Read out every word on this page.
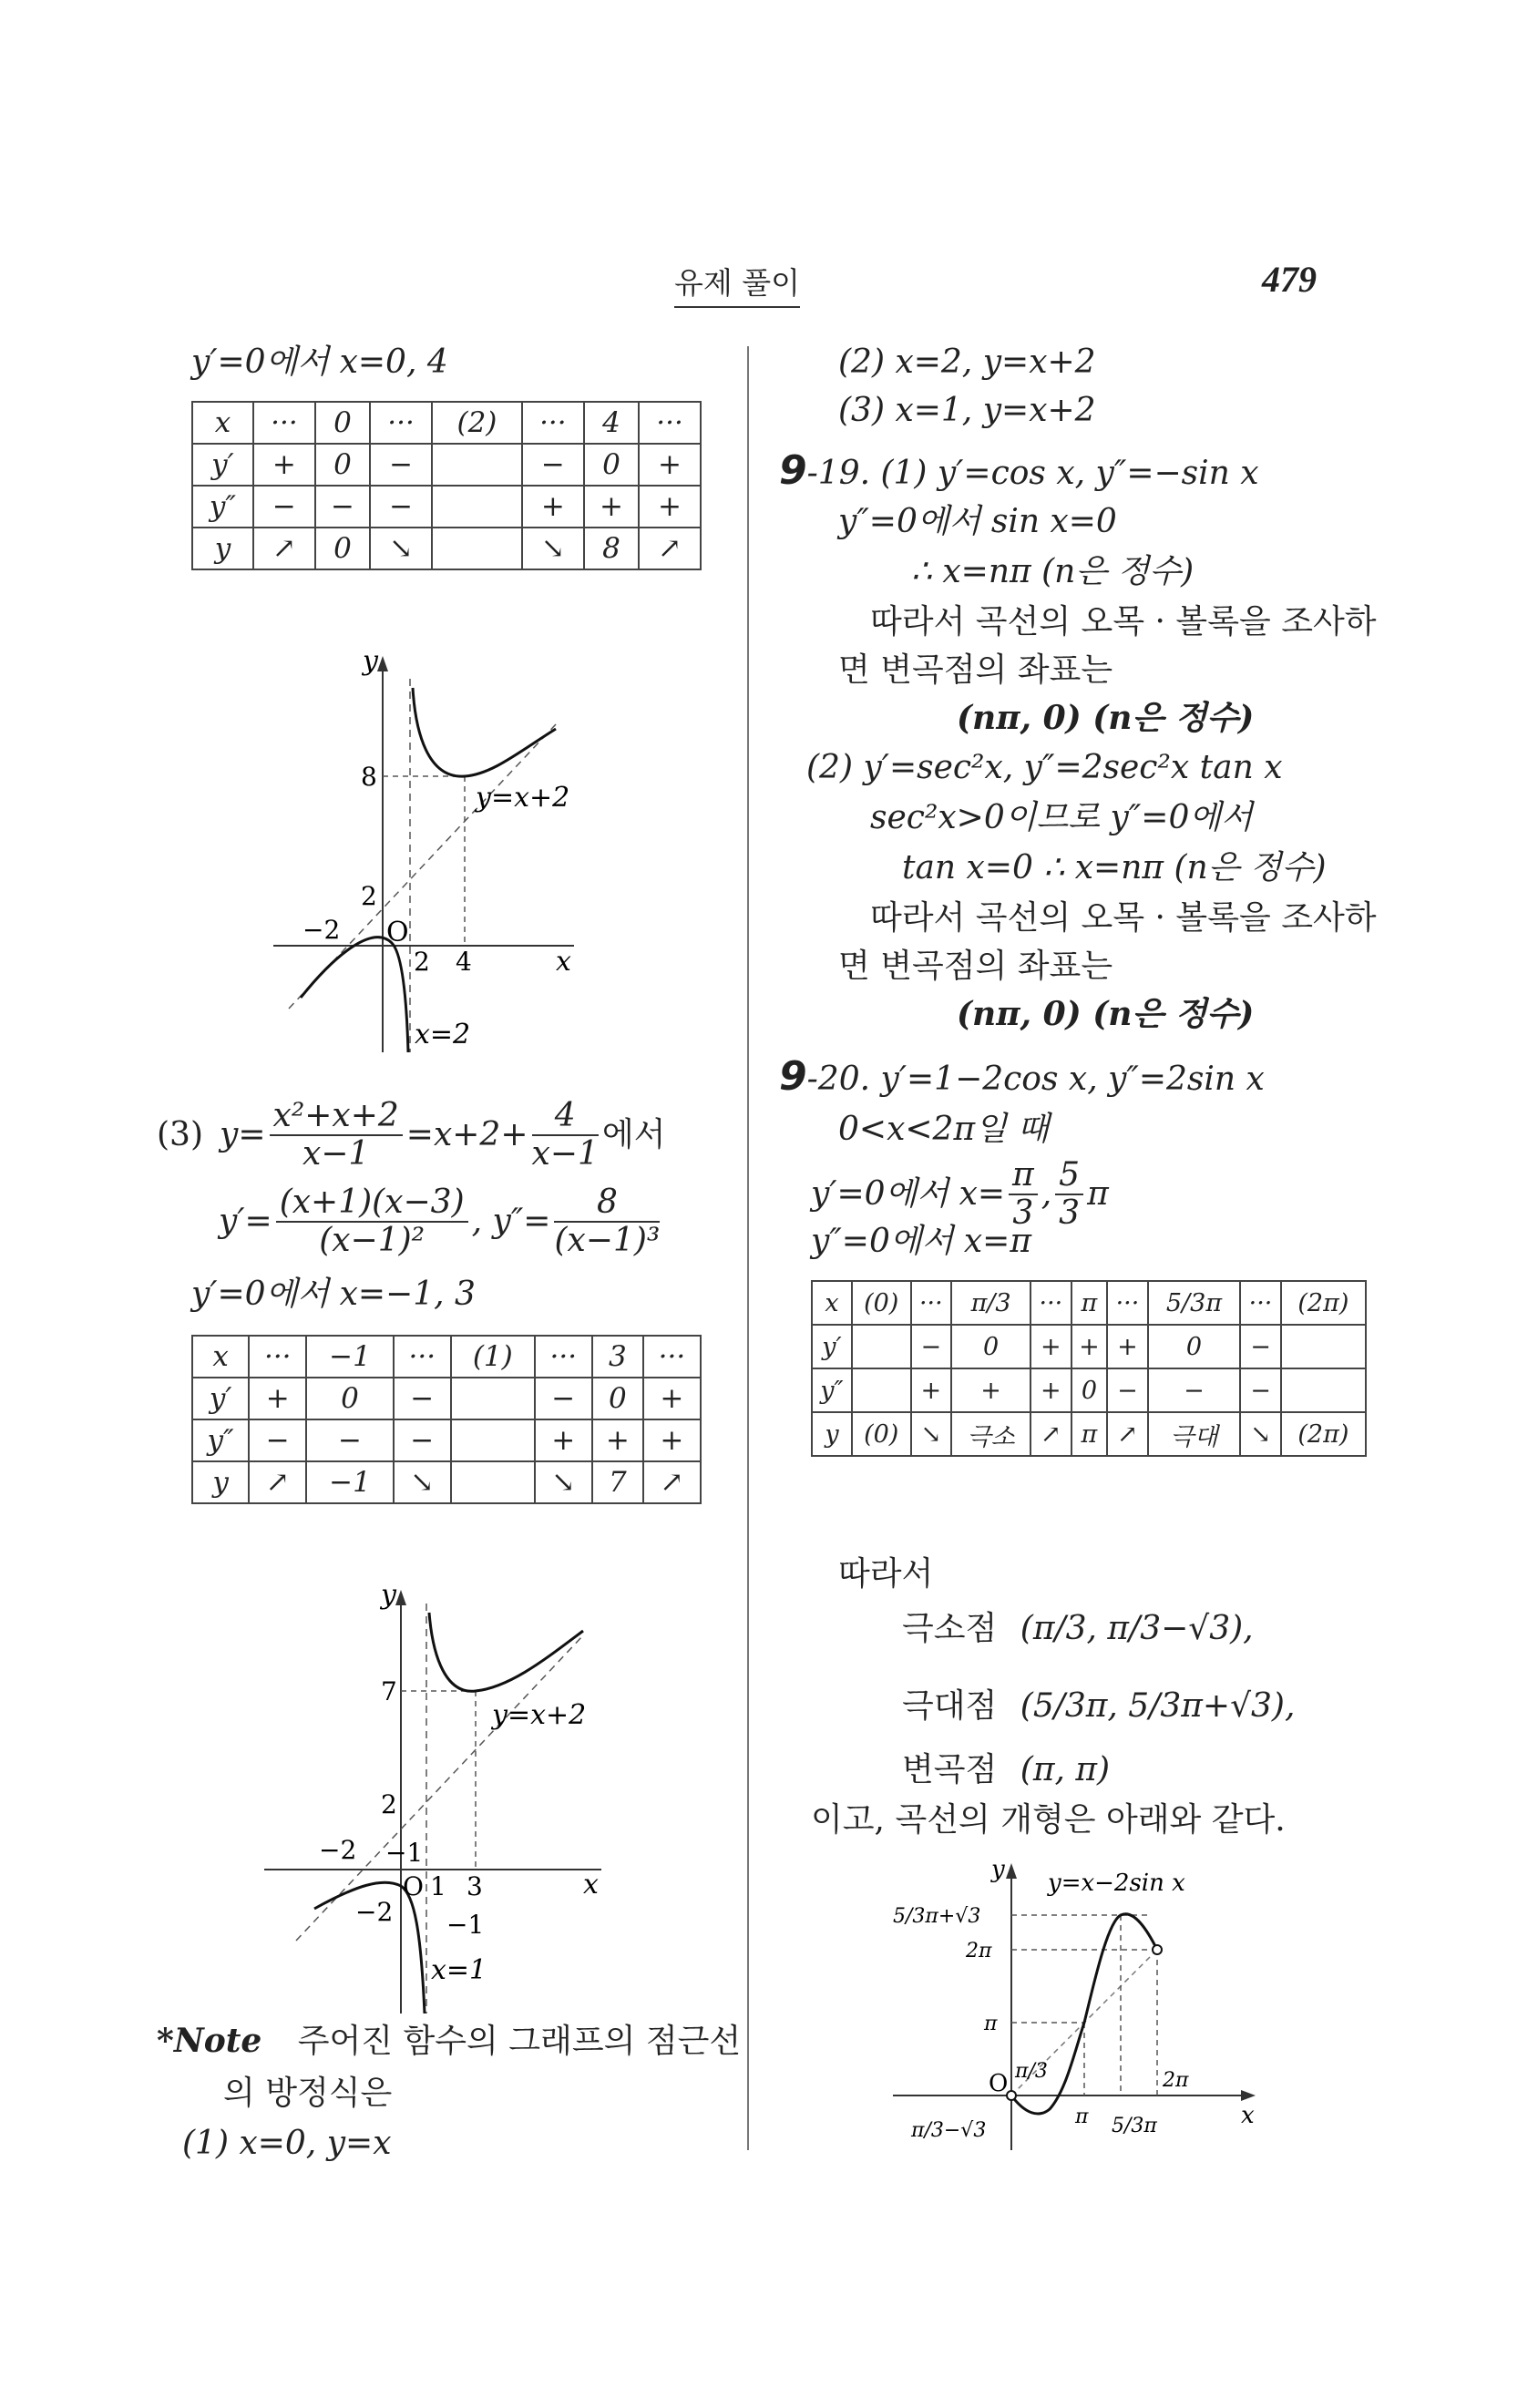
유제 풀이	479
y′=0에서 x=0, 4
x	···	0	···	(2)	···	4	···
y′	+	0	−		−	0	+
y″	−	−	−		+	+	+
y	↗	0	↘		↘	8	↗
y
x
O
8
2
−2
2 4
y=x+2
x=2
(3) $y= \frac{\text{x²+x+2}}{x-1} =x+2+ \frac{4}{x-1}$ 에서
$y'= \frac{(x+1)(x-3)}{\text{(x−1)²}}$ , $y''= \frac{8}{\text{(x−1)³}}$
y′=0에서 x=−1, 3
x	···	−1	···	(1)	···	3	···
y′	+	0	−		−	0	+
y″	−	−	−		+	+	+
y	↗	−1	↘		↘	7	↗
y
x
O
7
2
−2 −1
−2
1 3
−1
y=x+2
x=1
*Note 주어진 함수의 그래프의 점근선
의 방정식은
(1) x=0, y=x
(2) x=2, y=x+2
(3) x=1, y=x+2
9-19. (1) y′=cos x, y″=−sin x
y″=0에서 sin x=0
∴ x=nπ (n은 정수)
따라서 곡선의 오목 · 볼록을 조사하
면 변곡점의 좌표는
(nπ, 0) (n은 정수)
(2) y′=sec²x, y″=2sec²x tan x
sec²x>0이므로 y″=0에서
tan x=0 ∴ x=nπ (n은 정수)
따라서 곡선의 오목 · 볼록을 조사하
면 변곡점의 좌표는
(nπ, 0) (n은 정수)
9-20. y′=1−2cos x, y″=2sin x
0<x<2π일 때
y′=0에서 $x= \frac{\pi}{3}$ , $\frac{5}{3}$ π
y″=0에서 x=π
x	(0)	···	π/3	···	π	···	5/3π	···	(2π)
y′		−	0	+	+	+	0	−	
y″		+	+	+	0	−	−	−	
y	(0)	↘	극소	↗	π	↗	극대	↘	(2π)
따라서
극소점 (π/3, π/3−√3),
극대점 (5/3π, 5/3π+√3),
변곡점 (π, π)
이고, 곡선의 개형은 아래와 같다.
y
x
O
5/3π+√3
2π
π
π/3
π 5/3π
2π
π/3−√3
y=x−2sin x
